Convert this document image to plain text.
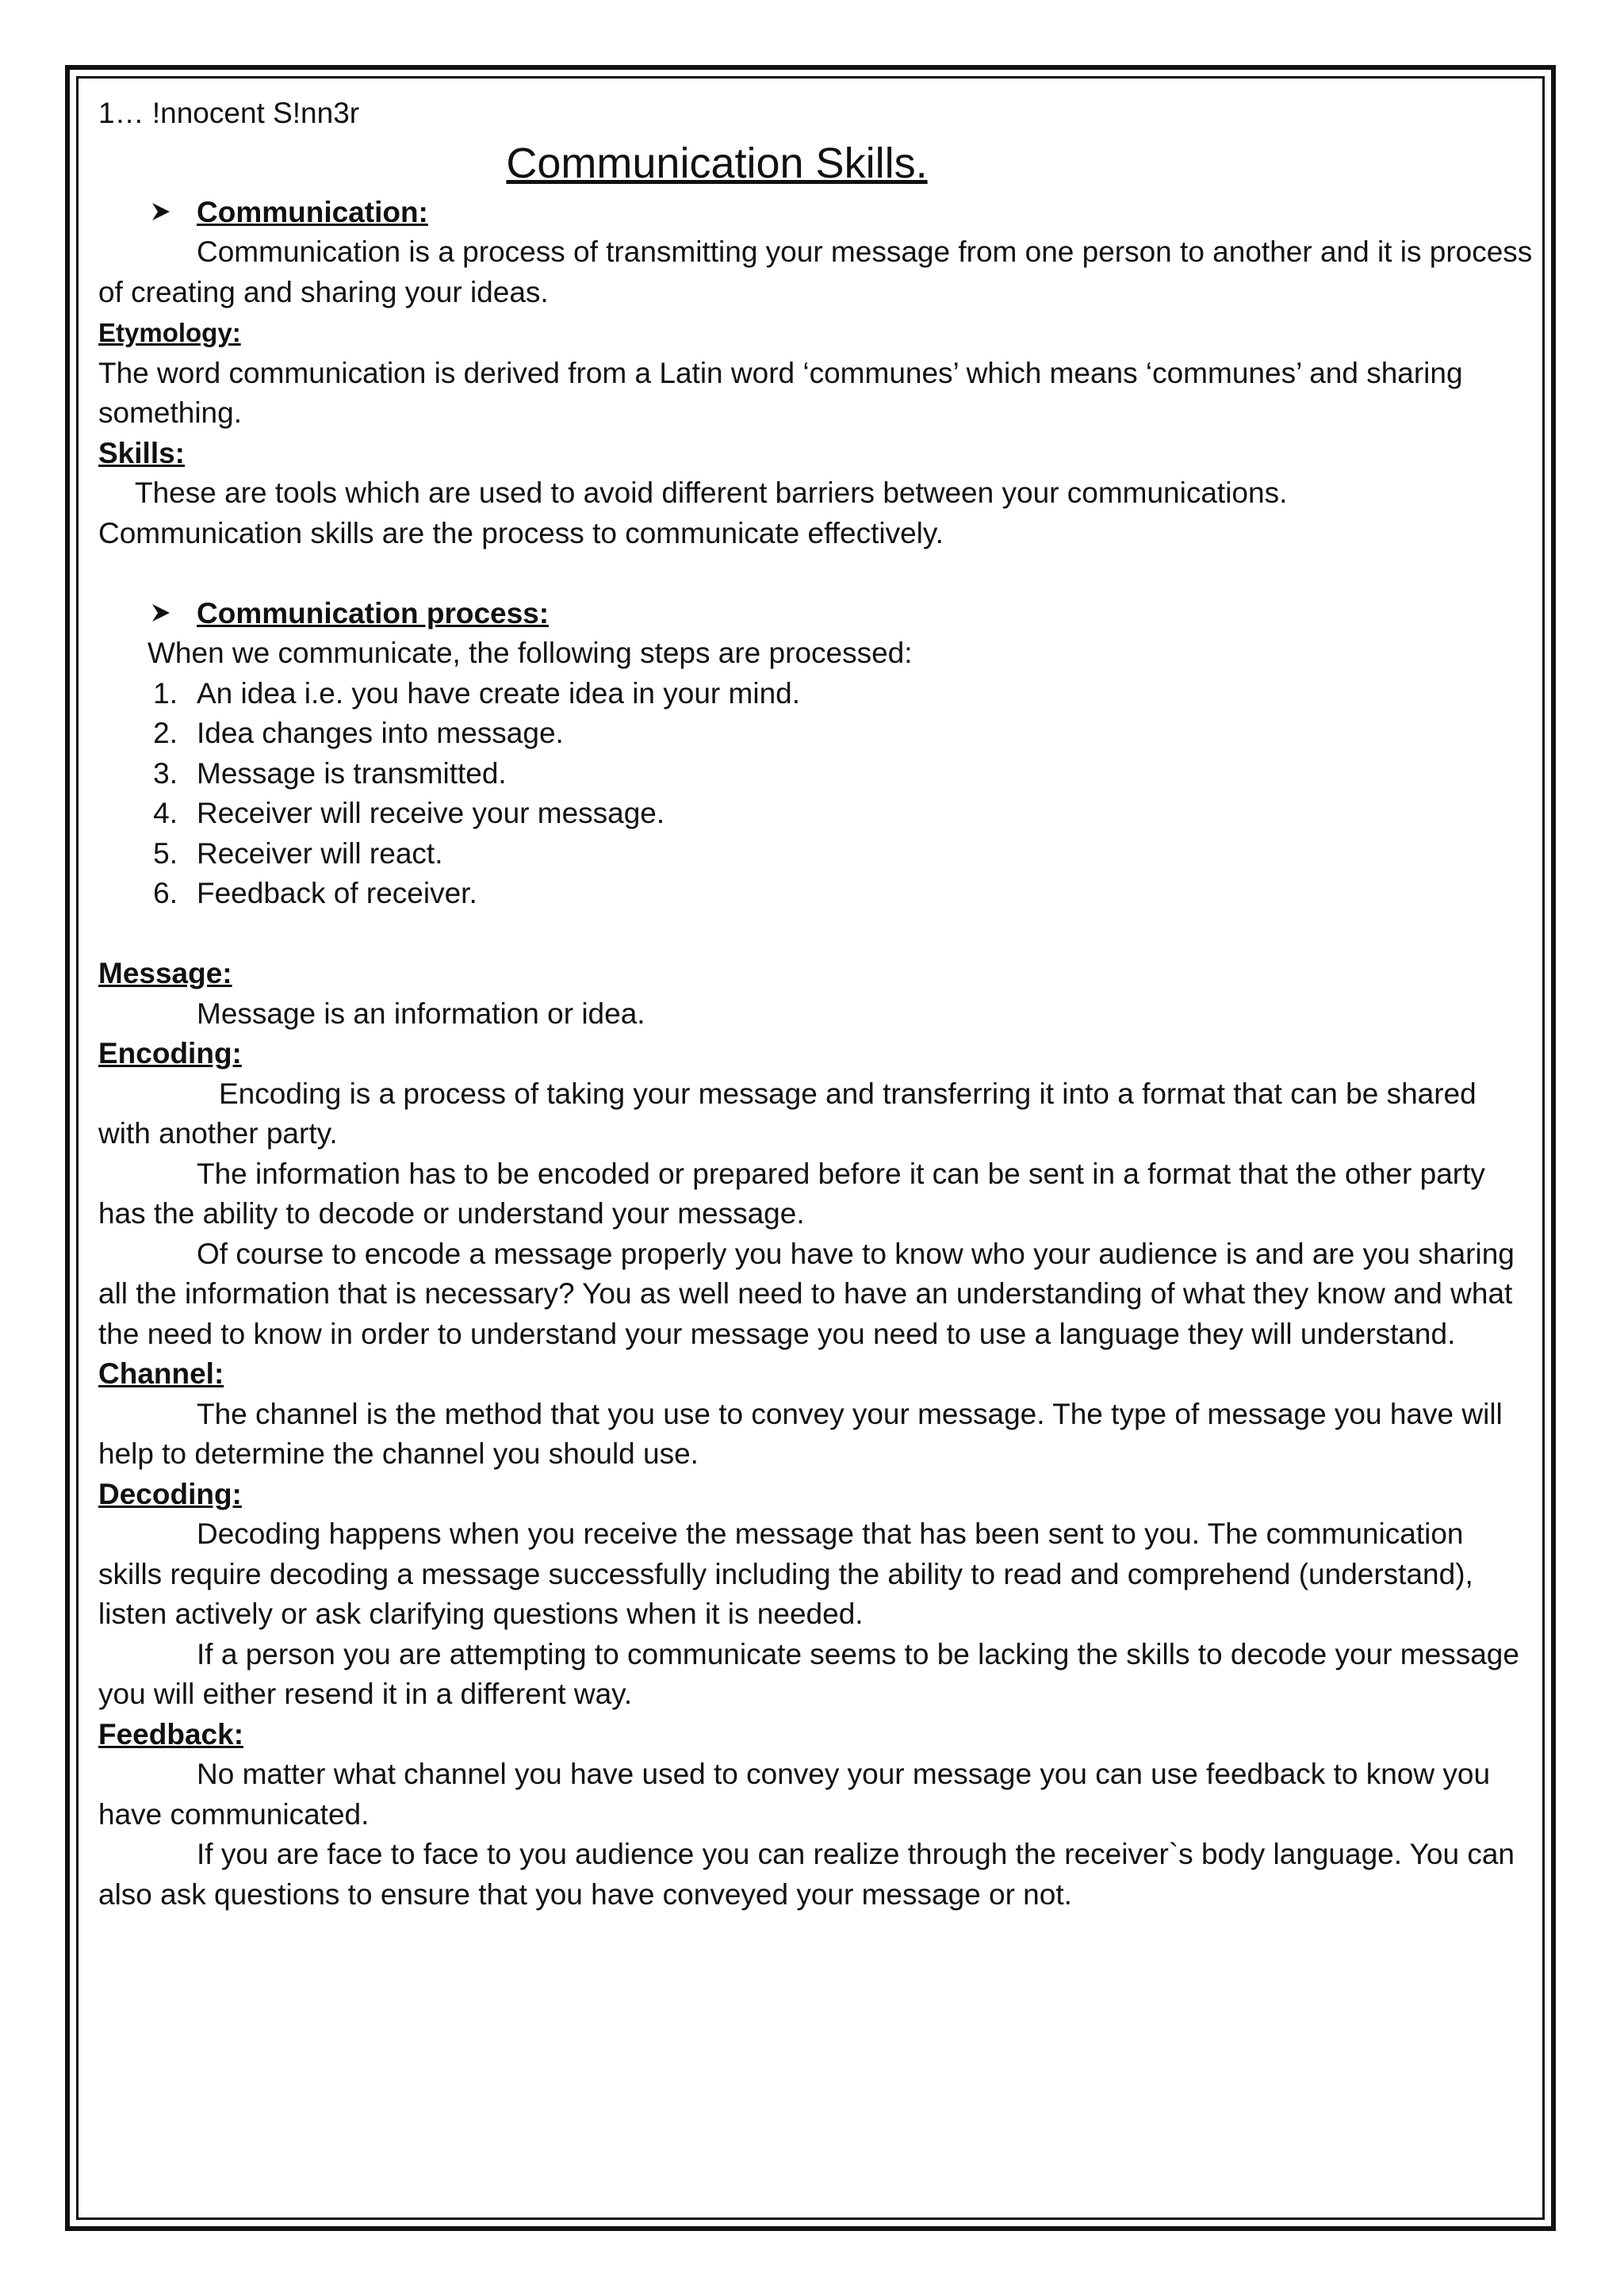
1… !nnocent S!nn3r

Communication Skills.

Communication:

Communication is a process of transmitting your message from one person to another and it is process of creating and sharing your ideas.

Etymology:

The word communication is derived from a Latin word ‘communes’ which means ‘communes’ and sharing something.

Skills:

These are tools which are used to avoid different barriers between your communications.

Communication skills are the process to communicate effectively.

Communication process:

When we communicate, the following steps are processed:

1. An idea i.e. you have create idea in your mind.
2. Idea changes into message.
3. Message is transmitted.
4. Receiver will receive your message.
5. Receiver will react.
6. Feedback of receiver.

Message:

Message is an information or idea.

Encoding:

Encoding is a process of taking your message and transferring it into a format that can be shared with another party.

The information has to be encoded or prepared before it can be sent in a format that the other party has the ability to decode or understand your message.

Of course to encode a message properly you have to know who your audience is and are you sharing all the information that is necessary? You as well need to have an understanding of what they know and what the need to know in order to understand your message you need to use a language they will understand.

Channel:

The channel is the method that you use to convey your message. The type of message you have will help to determine the channel you should use.

Decoding:

Decoding happens when you receive the message that has been sent to you. The communication skills require decoding a message successfully including the ability to read and comprehend (understand), listen actively or ask clarifying questions when it is needed.

If a person you are attempting to communicate seems to be lacking the skills to decode your message you will either resend it in a different way.

Feedback:

No matter what channel you have used to convey your message you can use feedback to know you have communicated.

If you are face to face to you audience you can realize through the receiver`s body language. You can also ask questions to ensure that you have conveyed your message or not.
